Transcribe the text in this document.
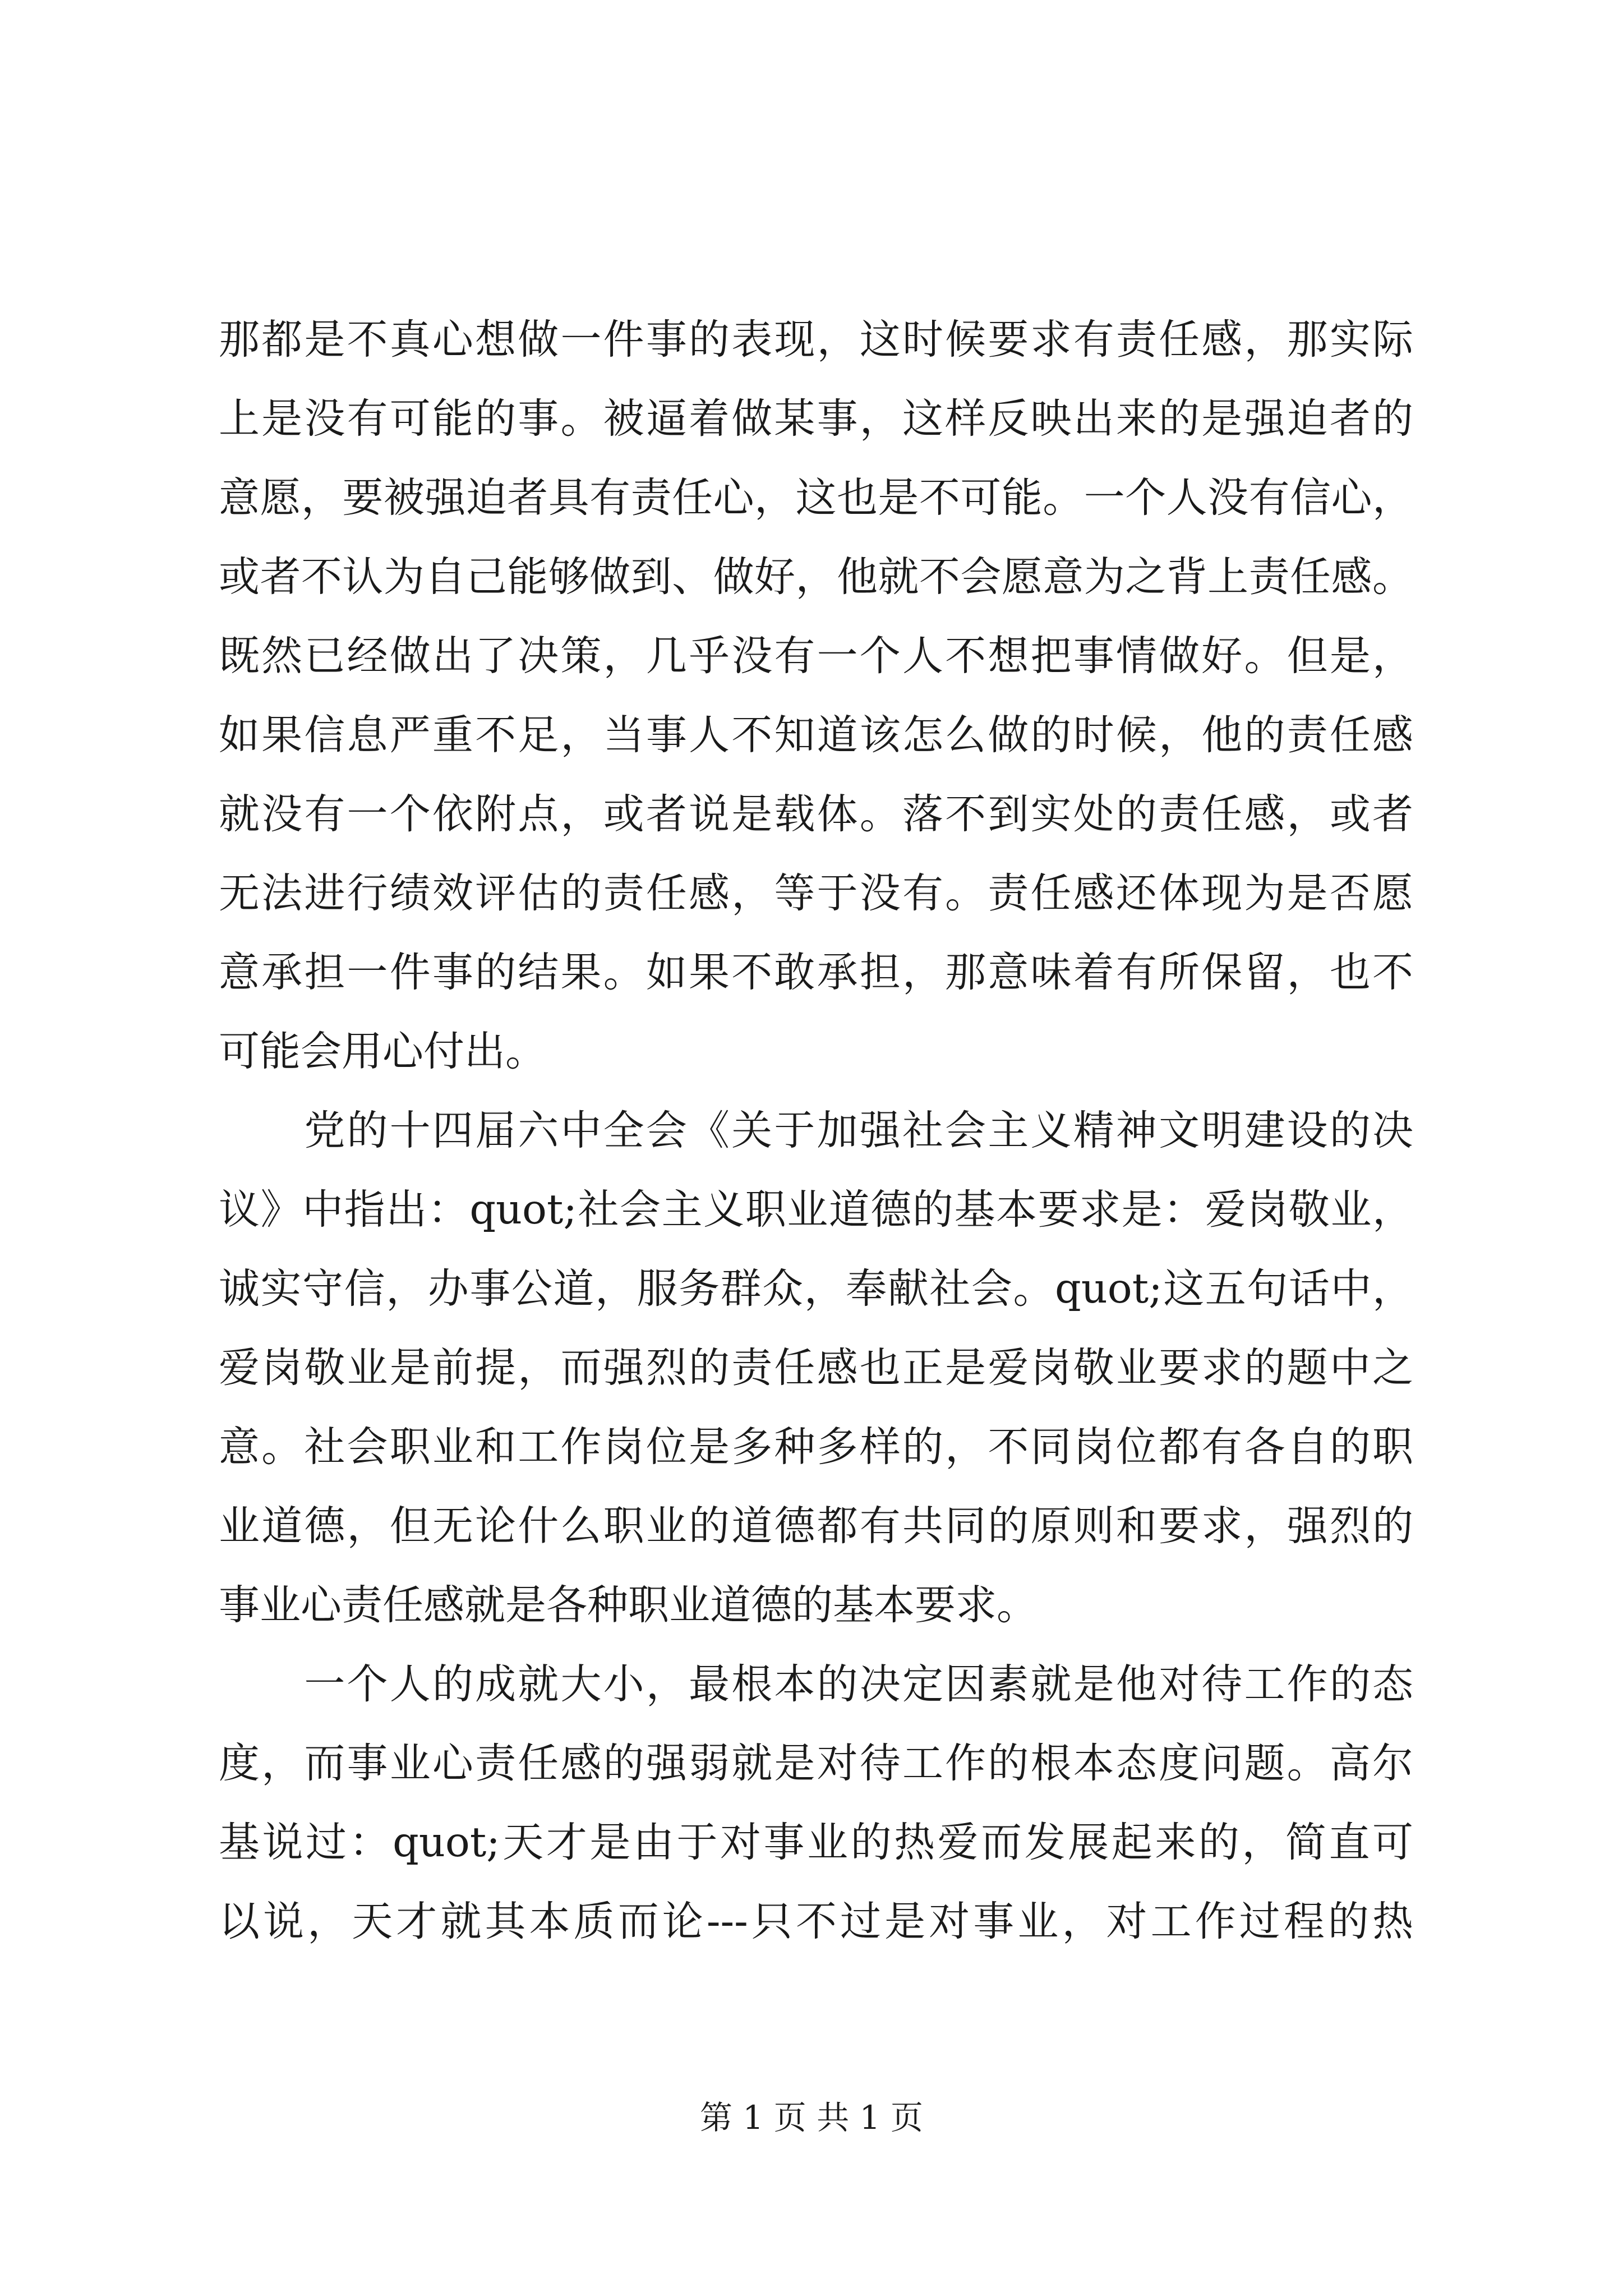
那都是不真心想做一件事的表现，这时候要求有责任感，那实际
上是没有可能的事。被逼着做某事，这样反映出来的是强迫者的
意愿，要被强迫者具有责任心，这也是不可能。一个人没有信心，
或者不认为自己能够做到、做好，他就不会愿意为之背上责任感。
既然已经做出了决策，几乎没有一个人不想把事情做好。但是，
如果信息严重不足，当事人不知道该怎么做的时候，他的责任感
就没有一个依附点，或者说是载体。落不到实处的责任感，或者
无法进行绩效评估的责任感，等于没有。责任感还体现为是否愿
意承担一件事的结果。如果不敢承担，那意味着有所保留，也不
可能会用心付出。
　　党的十四届六中全会《关于加强社会主义精神文明建设的决
议》中指出：quot;社会主义职业道德的基本要求是：爱岗敬业，
诚实守信，办事公道，服务群众，奉献社会。quot;这五句话中，
爱岗敬业是前提，而强烈的责任感也正是爱岗敬业要求的题中之
意。社会职业和工作岗位是多种多样的，不同岗位都有各自的职
业道德，但无论什么职业的道德都有共同的原则和要求，强烈的
事业心责任感就是各种职业道德的基本要求。
　　一个人的成就大小，最根本的决定因素就是他对待工作的态
度，而事业心责任感的强弱就是对待工作的根本态度问题。高尔
基说过：quot;天才是由于对事业的热爱而发展起来的，简直可
以说，天才就其本质而论---只不过是对事业，对工作过程的热
第 1 页 共 1 页
